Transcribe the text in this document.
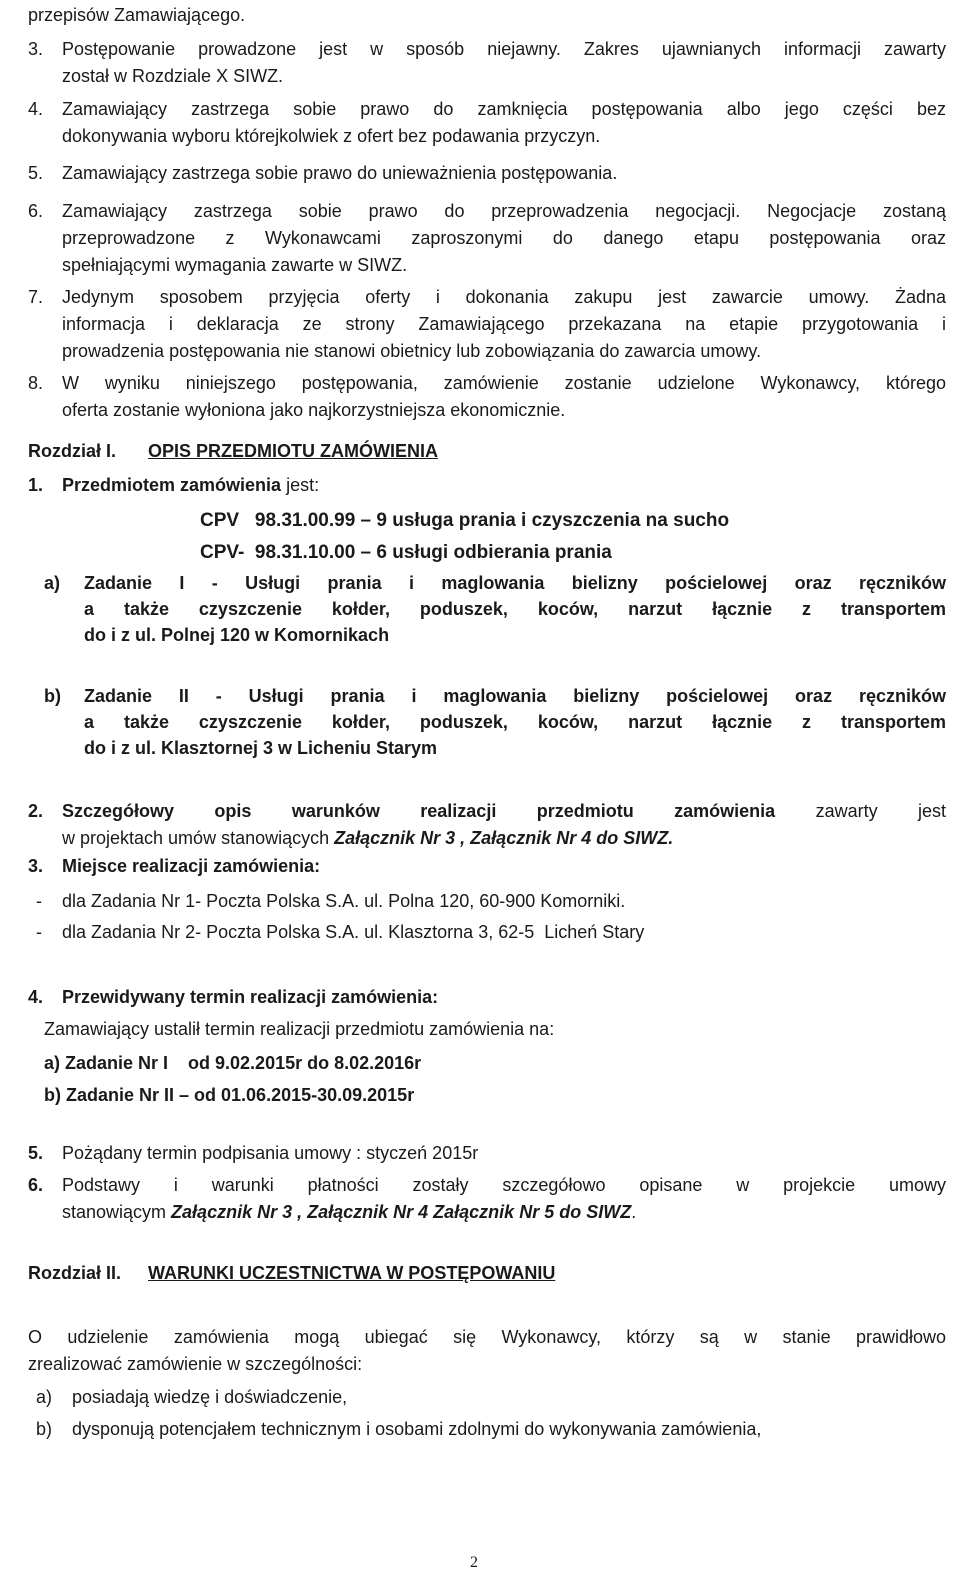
przepisów Zamawiającego.
3. Postępowanie prowadzone jest w sposób niejawny. Zakres ujawnianych informacji zawarty
został w Rozdziale X SIWZ.
4. Zamawiający zastrzega sobie prawo do zamknięcia postępowania albo jego części bez
dokonywania wyboru którejkolwiek z ofert bez podawania przyczyn.
5. Zamawiający zastrzega sobie prawo do unieważnienia postępowania.
6. Zamawiający zastrzega sobie prawo do przeprowadzenia negocjacji. Negocjacje zostaną
przeprowadzone z Wykonawcami zaproszonymi do danego etapu postępowania oraz
spełniającymi wymagania zawarte w SIWZ.
7. Jedynym sposobem przyjęcia oferty i dokonania zakupu jest zawarcie umowy. Żadna
informacja i deklaracja ze strony Zamawiającego przekazana na etapie przygotowania i
prowadzenia postępowania nie stanowi obietnicy lub zobowiązania do zawarcia umowy.
8. W wyniku niniejszego postępowania, zamówienie zostanie udzielone Wykonawcy, którego
oferta zostanie wyłoniona jako najkorzystniejsza ekonomicznie.
Rozdział I. OPIS PRZEDMIOTU ZAMÓWIENIA
1. Przedmiotem zamówienia jest:
CPV   98.31.00.99 – 9 usługa prania i czyszczenia na sucho
CPV-  98.31.10.00 – 6 usługi odbierania prania
a) Zadanie I - Usługi prania i maglowania bielizny pościelowej oraz ręczników
a także czyszczenie kołder, poduszek, koców, narzut łącznie z transportem
do i z ul. Polnej 120 w Komornikach
b) Zadanie II - Usługi prania i maglowania bielizny pościelowej oraz ręczników
a także czyszczenie kołder, poduszek, koców, narzut łącznie z transportem
do i z ul. Klasztornej 3 w Licheniu Starym
2. Szczegółowy opis warunków realizacji przedmiotu zamówienia zawarty jest
w projektach umów stanowiących Załącznik Nr 3 , Załącznik Nr 4 do SIWZ.
3. Miejsce realizacji zamówienia:
- dla Zadania Nr 1- Poczta Polska S.A. ul. Polna 120, 60-900 Komorniki.
- dla Zadania Nr 2- Poczta Polska S.A. ul. Klasztorna 3, 62-5  Licheń Stary
4. Przewidywany termin realizacji zamówienia:
Zamawiający ustalił termin realizacji przedmiotu zamówienia na:
a) Zadanie Nr I    od 9.02.2015r do 8.02.2016r
b) Zadanie Nr II – od 01.06.2015-30.09.2015r
5. Pożądany termin podpisania umowy : styczeń 2015r
6. Podstawy i warunki płatności zostały szczegółowo opisane w projekcie umowy
stanowiącym Załącznik Nr 3 , Załącznik Nr 4 Załącznik Nr 5 do SIWZ.
Rozdział II. WARUNKI UCZESTNICTWA W POSTĘPOWANIU
O udzielenie zamówienia mogą ubiegać się Wykonawcy, którzy są w stanie prawidłowo
zrealizować zamówienie w szczególności:
a) posiadają wiedzę i doświadczenie,
b) dysponują potencjałem technicznym i osobami zdolnymi do wykonywania zamówienia,
2
